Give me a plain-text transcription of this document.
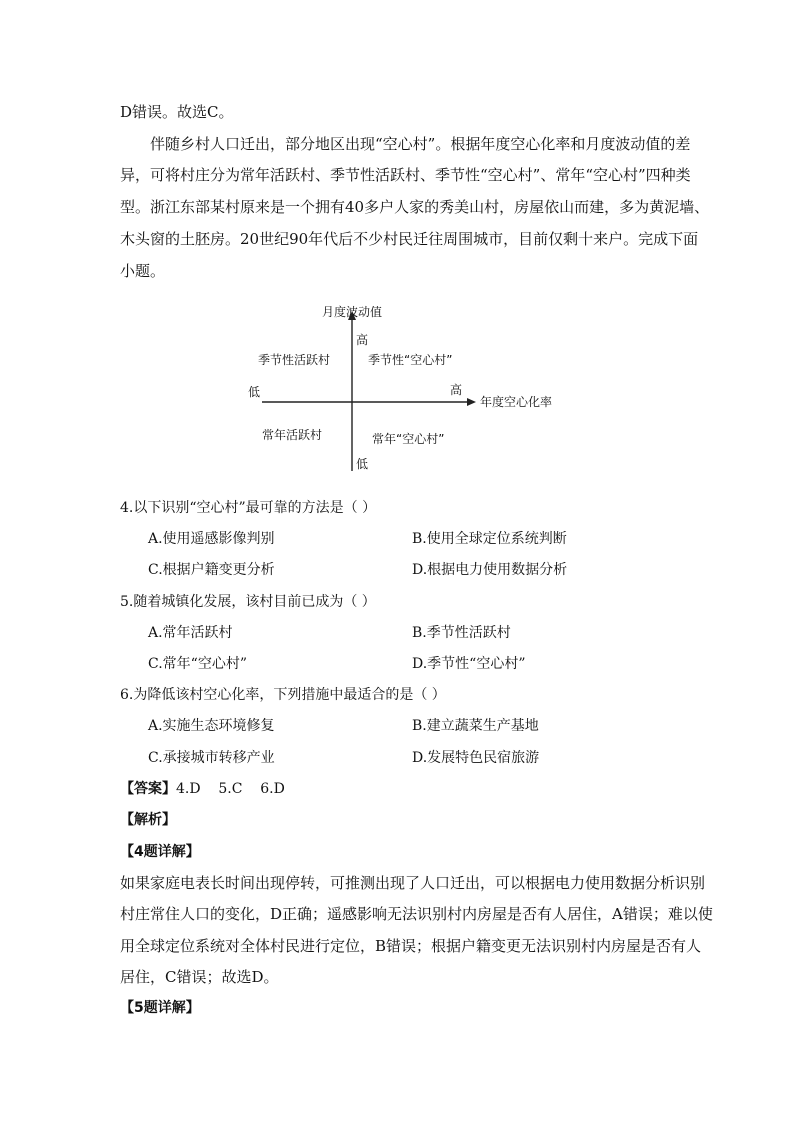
D错误。故选C。
伴随乡村人口迁出，部分地区出现“空心村”。根据年度空心化率和月度波动值的差
异，可将村庄分为常年活跃村、季节性活跃村、季节性“空心村”、常年“空心村”四种类
型。浙江东部某村原来是一个拥有40多户人家的秀美山村，房屋依山而建，多为黄泥墙、
木头窗的土胚房。20世纪90年代后不少村民迁往周围城市，目前仅剩十来户。完成下面
小题。
月度波动值
高
低
低	高
年度空心化率
季节性活跃村	季节性“空心村”
常年活跃村	常年“空心村”
4.以下识别“空心村”最可靠的方法是（ ）
A.使用遥感影像判别	B.使用全球定位系统判断
C.根据户籍变更分析	D.根据电力使用数据分析
5.随着城镇化发展，该村目前已成为（ ）
A.常年活跃村	B.季节性活跃村
C.常年“空心村”	D.季节性“空心村”
6.为降低该村空心化率，下列措施中最适合的是（ ）
A.实施生态环境修复	B.建立蔬菜生产基地
C.承接城市转移产业	D.发展特色民宿旅游
【答案】4.D    5.C    6.D
【解析】
【4题详解】
如果家庭电表长时间出现停转，可推测出现了人口迁出，可以根据电力使用数据分析识别
村庄常住人口的变化，D正确；遥感影响无法识别村内房屋是否有人居住，A错误；难以使
用全球定位系统对全体村民进行定位，B错误；根据户籍变更无法识别村内房屋是否有人
居住，C错误；故选D。
【5题详解】
